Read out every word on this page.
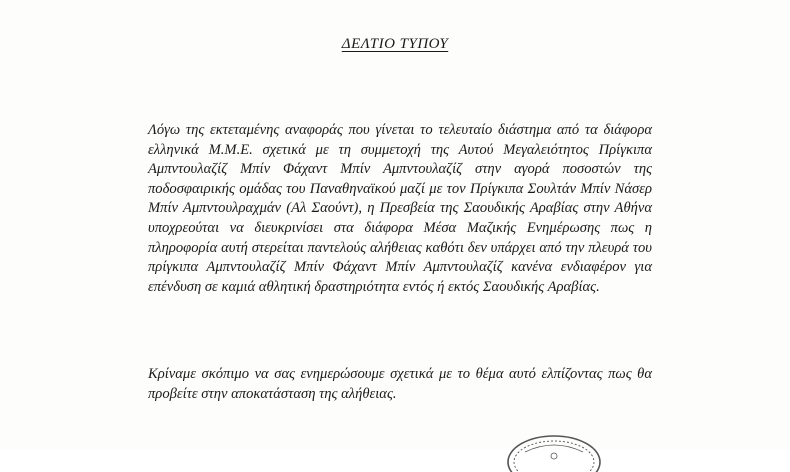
ΔΕΛΤΙΟ ΤΥΠΟΥ

Λόγω της εκτεταμένης αναφοράς που γίνεται το τελευταίο διάστημα από τα διάφορα ελληνικά Μ.Μ.Ε. σχετικά με τη συμμετοχή της Αυτού Μεγαλειότητος Πρίγκιπα Αμπντουλαζίζ Μπίν Φάχαντ Μπίν Αμπντουλαζίζ στην αγορά ποσοστών της ποδοσφαιρικής ομάδας του Παναθηναϊκού μαζί με τον Πρίγκιπα Σουλτάν Μπίν Νάσερ Μπίν Αμπντουλραχμάν (Αλ Σαούντ), η Πρεσβεία της Σαουδικής Αραβίας στην Αθήνα υποχρεούται να διευκρινίσει στα διάφορα Μέσα Μαζικής Ενημέρωσης πως η πληροφορία αυτή στερείται παντελούς αλήθειας καθότι δεν υπάρχει από την πλευρά του πρίγκιπα Αμπντουλαζίζ Μπίν Φάχαντ Μπίν Αμπντουλαζίζ κανένα ενδιαφέρον για επένδυση σε καμιά αθλητική δραστηριότητα εντός ή εκτός Σαουδικής Αραβίας.

Κρίναμε σκόπιμο να σας ενημερώσουμε σχετικά με το θέμα αυτό ελπίζοντας πως θα προβείτε στην αποκατάσταση της αλήθειας.
